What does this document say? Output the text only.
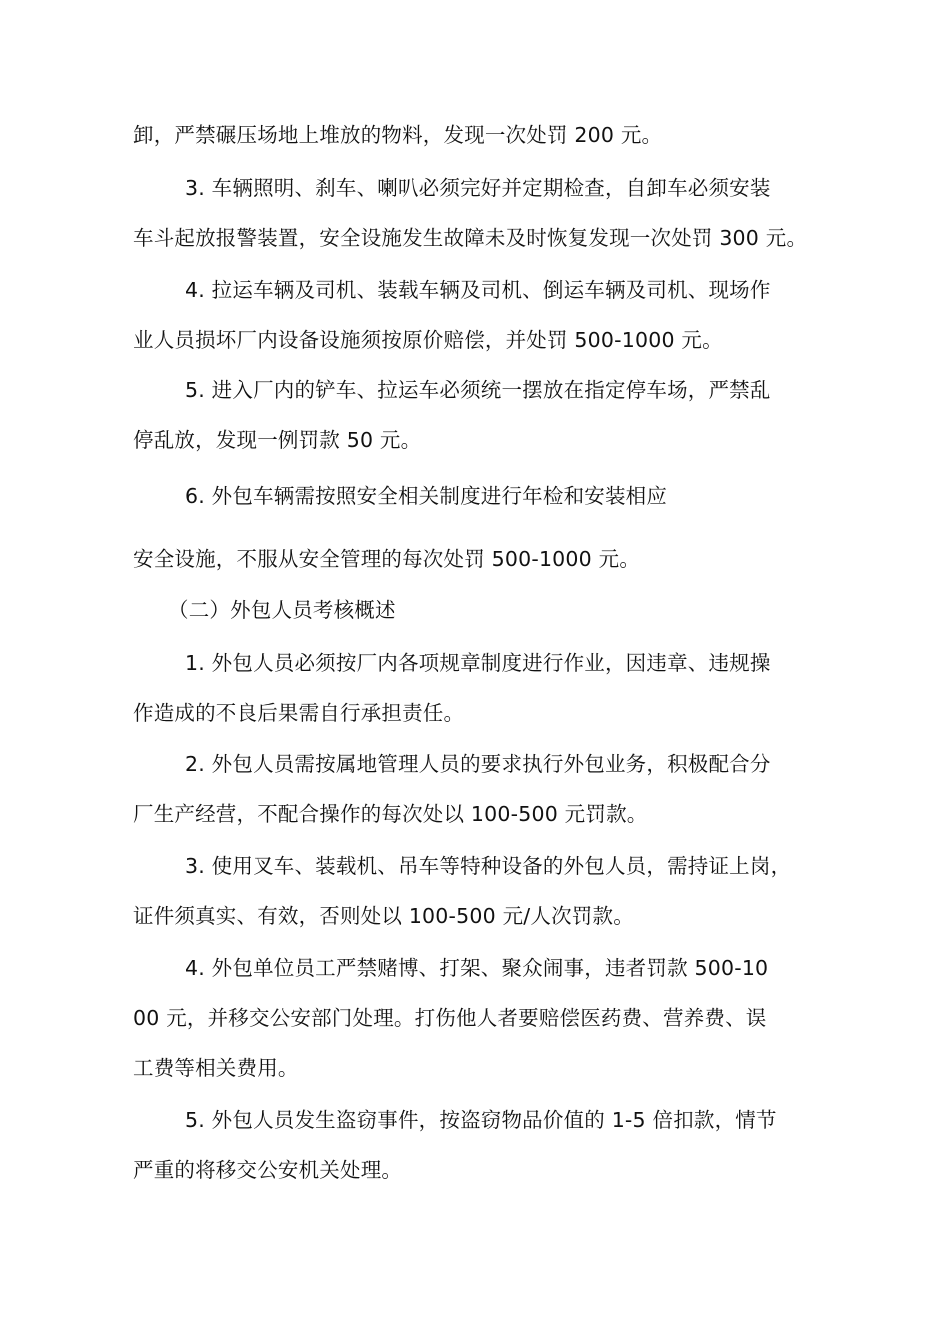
卸，严禁碾压场地上堆放的物料，发现一次处罚 200 元。
3. 车辆照明、刹车、喇叭必须完好并定期检查，自卸车必须安装
车斗起放报警装置，安全设施发生故障未及时恢复发现一次处罚 300 元。
4. 拉运车辆及司机、装载车辆及司机、倒运车辆及司机、现场作
业人员损坏厂内设备设施须按原价赔偿，并处罚 500-1000 元。
5. 进入厂内的铲车、拉运车必须统一摆放在指定停车场，严禁乱
停乱放，发现一例罚款 50 元。
6. 外包车辆需按照安全相关制度进行年检和安装相应
安全设施，不服从安全管理的每次处罚 500-1000 元。
（二）外包人员考核概述
1. 外包人员必须按厂内各项规章制度进行作业，因违章、违规操
作造成的不良后果需自行承担责任。
2. 外包人员需按属地管理人员的要求执行外包业务，积极配合分
厂生产经营，不配合操作的每次处以 100-500 元罚款。
3. 使用叉车、装载机、吊车等特种设备的外包人员，需持证上岗，
证件须真实、有效，否则处以 100-500 元/人次罚款。
4. 外包单位员工严禁赌博、打架、聚众闹事，违者罚款 500-10
00 元，并移交公安部门处理。打伤他人者要赔偿医药费、营养费、误
工费等相关费用。
5. 外包人员发生盗窃事件，按盗窃物品价值的 1-5 倍扣款，情节
严重的将移交公安机关处理。
